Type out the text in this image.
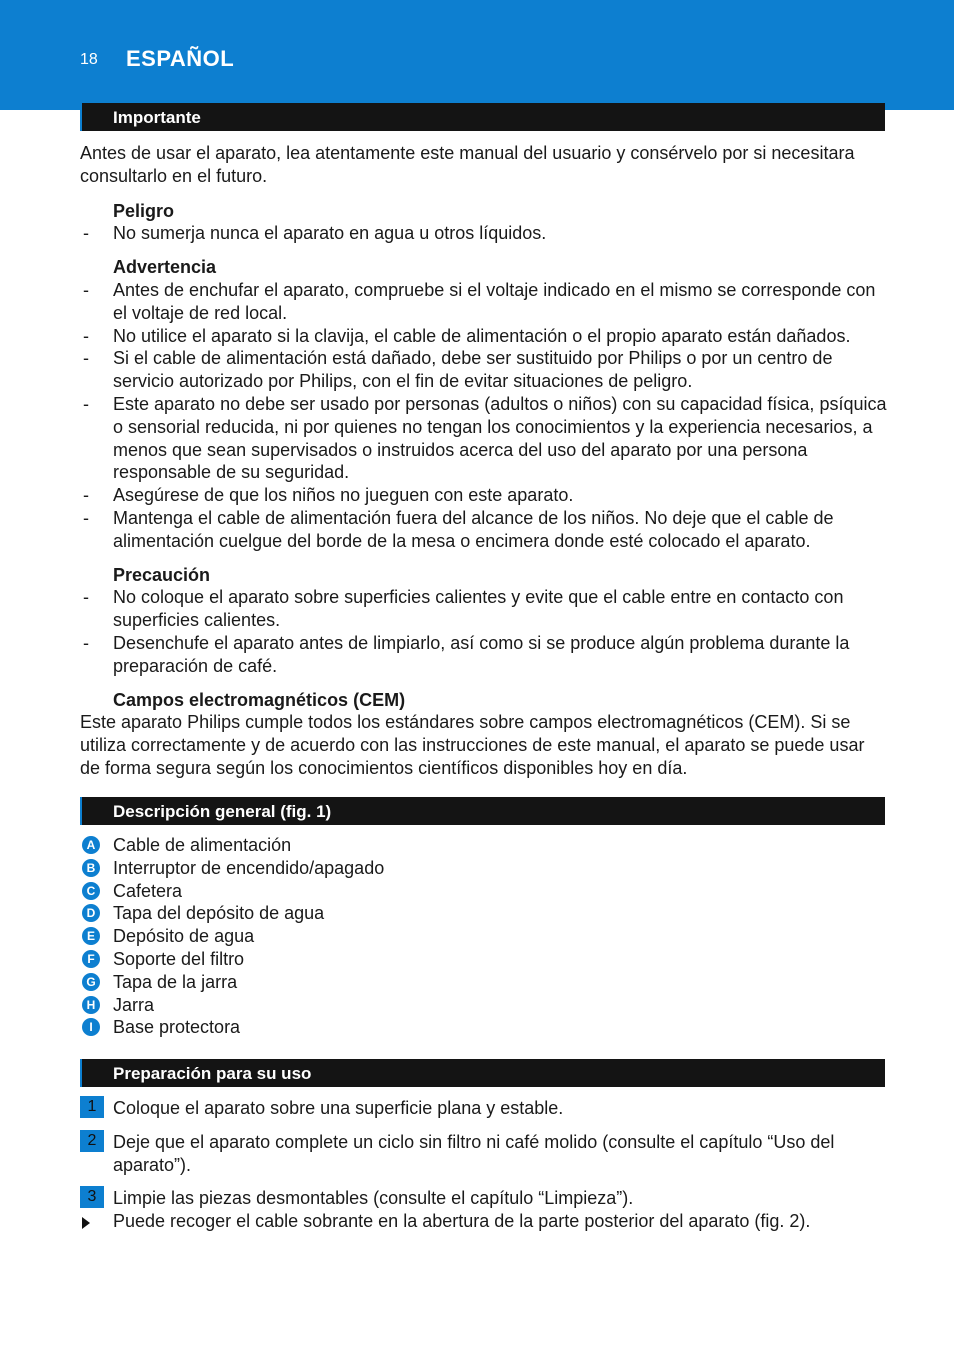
18 ESPAÑOL
Importante

Antes de usar el aparato, lea atentamente este manual del usuario y consérvelo por si necesitara consultarlo en el futuro.

Peligro

- No sumerja nunca el aparato en agua u otros líquidos.

Advertencia

- Antes de enchufar el aparato, compruebe si el voltaje indicado en el mismo se corresponde con el voltaje de red local.
- No utilice el aparato si la clavija, el cable de alimentación o el propio aparato están dañados.
- Si el cable de alimentación está dañado, debe ser sustituido por Philips o por un centro de servicio autorizado por Philips, con el fin de evitar situaciones de peligro.
- Este aparato no debe ser usado por personas (adultos o niños) con su capacidad física, psíquica o sensorial reducida, ni por quienes no tengan los conocimientos y la experiencia necesarios, a menos que sean supervisados o instruidos acerca del uso del aparato por una persona responsable de su seguridad.
- Asegúrese de que los niños no jueguen con este aparato.
- Mantenga el cable de alimentación fuera del alcance de los niños. No deje que el cable de alimentación cuelgue del borde de la mesa o encimera donde esté colocado el aparato.

Precaución

- No coloque el aparato sobre superficies calientes y evite que el cable entre en contacto con superficies calientes.
- Desenchufe el aparato antes de limpiarlo, así como si se produce algún problema durante la preparación de café.

Campos electromagnéticos (CEM)

Este aparato Philips cumple todos los estándares sobre campos electromagnéticos (CEM). Si se utiliza correctamente y de acuerdo con las instrucciones de este manual, el aparato se puede usar de forma segura según los conocimientos científicos disponibles hoy en día.

Descripción general (fig. 1)
A Cable de alimentación
B Interruptor de encendido/apagado
C Cafetera
D Tapa del depósito de agua
E Depósito de agua
F Soporte del filtro
G Tapa de la jarra
H Jarra
I	Base protectora
Preparación para su uso
1 Coloque el aparato sobre una superficie plana y estable.
2 Deje que el aparato complete un ciclo sin filtro ni café molido (consulte el capítulo “Uso del aparato”).
3 Limpie las piezas desmontables (consulte el capítulo “Limpieza”).
Puede recoger el cable sobrante en la abertura de la parte posterior del aparato (fig. 2).
